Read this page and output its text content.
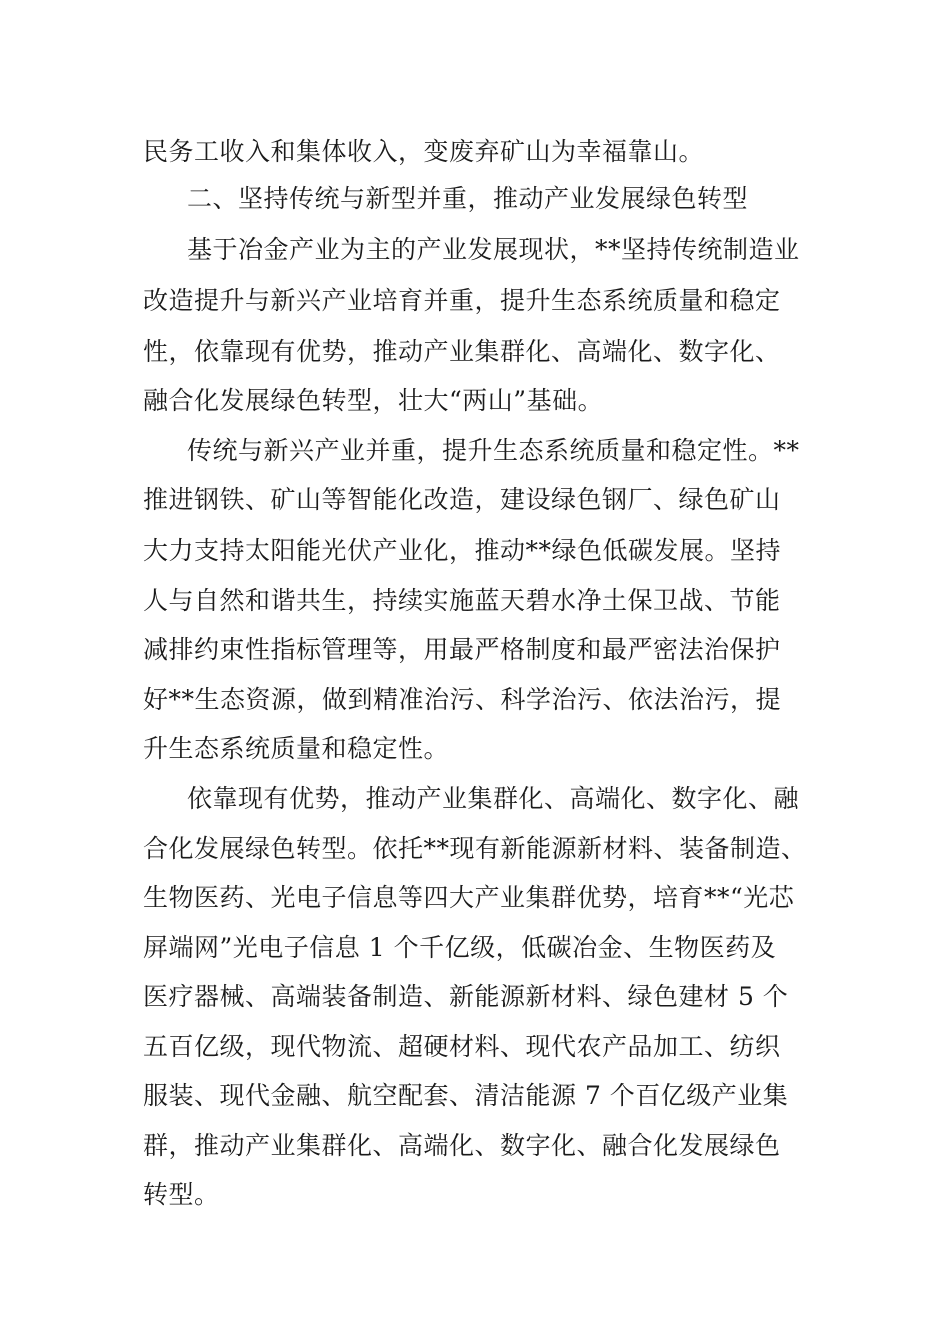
民务工收入和集体收入，变废弃矿山为幸福靠山。

二、坚持传统与新型并重，推动产业发展绿色转型

基于冶金产业为主的产业发展现状，**坚持传统制造业

改造提升与新兴产业培育并重，提升生态系统质量和稳定

性，依靠现有优势，推动产业集群化、高端化、数字化、

融合化发展绿色转型，壮大“两山”基础。

传统与新兴产业并重，提升生态系统质量和稳定性。**

推进钢铁、矿山等智能化改造，建设绿色钢厂、绿色矿山

大力支持太阳能光伏产业化，推动**绿色低碳发展。坚持

人与自然和谐共生，持续实施蓝天碧水净土保卫战、节能

减排约束性指标管理等，用最严格制度和最严密法治保护

好**生态资源，做到精准治污、科学治污、依法治污，提

升生态系统质量和稳定性。

依靠现有优势，推动产业集群化、高端化、数字化、融

合化发展绿色转型。依托**现有新能源新材料、装备制造、

生物医药、光电子信息等四大产业集群优势，培育**“光芯

屏端网”光电子信息 1 个千亿级，低碳冶金、生物医药及

医疗器械、高端装备制造、新能源新材料、绿色建材 5 个

五百亿级，现代物流、超硬材料、现代农产品加工、纺织

服装、现代金融、航空配套、清洁能源 7 个百亿级产业集

群，推动产业集群化、高端化、数字化、融合化发展绿色

转型。
